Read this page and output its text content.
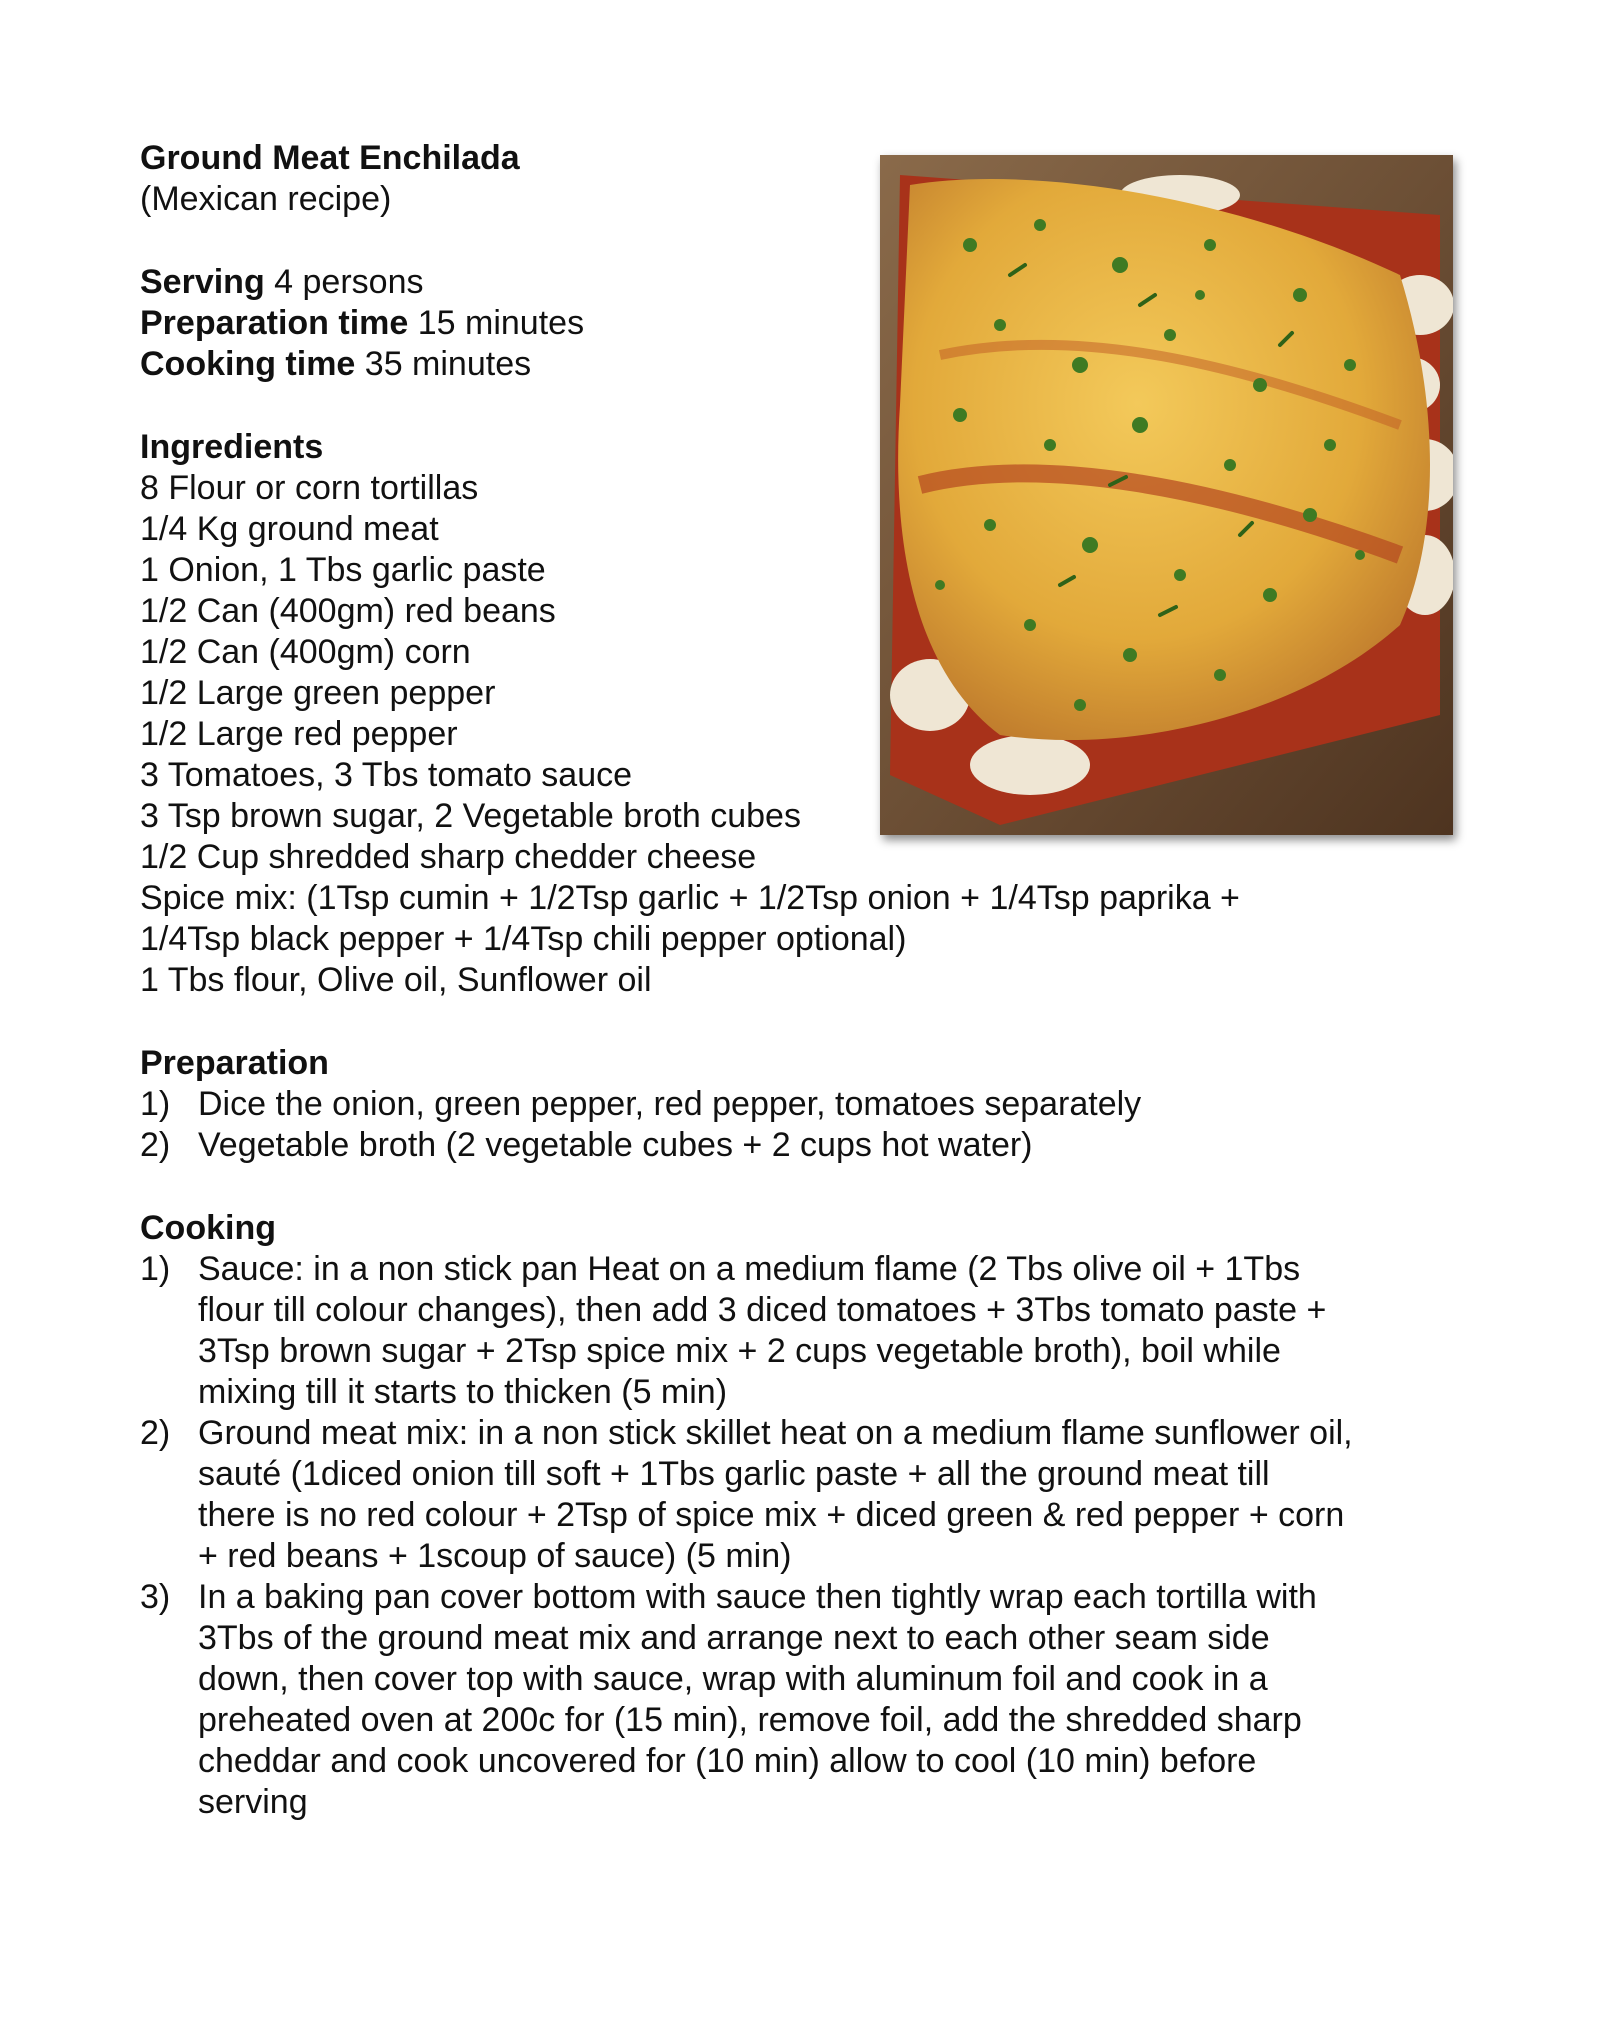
Ground Meat Enchilada
(Mexican recipe)
Serving 4 persons
Preparation time 15 minutes
Cooking time 35 minutes
Ingredients
8 Flour or corn tortillas
1/4 Kg ground meat
1 Onion, 1 Tbs garlic paste
1/2 Can (400gm) red beans
1/2 Can (400gm) corn
1/2 Large green pepper
1/2 Large red pepper
3 Tomatoes, 3 Tbs tomato sauce
3 Tsp brown sugar, 2 Vegetable broth cubes
1/2 Cup shredded sharp chedder cheese
Spice mix: (1Tsp cumin + 1/2Tsp garlic + 1/2Tsp onion + 1/4Tsp paprika +
1/4Tsp black pepper + 1/4Tsp chili pepper optional)
1 Tbs flour, Olive oil, Sunflower oil
Preparation
1) Dice the onion, green pepper, red pepper, tomatoes separately
2) Vegetable broth (2 vegetable cubes + 2 cups hot water)
Cooking
1) Sauce: in a non stick pan Heat on a medium flame (2 Tbs olive oil + 1Tbs
flour till colour changes), then add 3 diced tomatoes + 3Tbs tomato paste +
3Tsp brown sugar + 2Tsp spice mix + 2 cups vegetable broth), boil while
mixing till it starts to thicken (5 min)
2) Ground meat mix: in a non stick skillet heat on a medium flame sunflower oil,
sauté (1diced onion till soft + 1Tbs garlic paste + all the ground meat till
there is no red colour + 2Tsp of spice mix + diced green & red pepper + corn
+ red beans + 1scoup of sauce) (5 min)
3) In a baking pan cover bottom with sauce then tightly wrap each tortilla with
3Tbs of the ground meat mix and arrange next to each other seam side
down, then cover top with sauce, wrap with aluminum foil and cook in a
preheated oven at 200c for (15 min), remove foil, add the shredded sharp
cheddar and cook uncovered for (10 min) allow to cool (10 min) before
serving
